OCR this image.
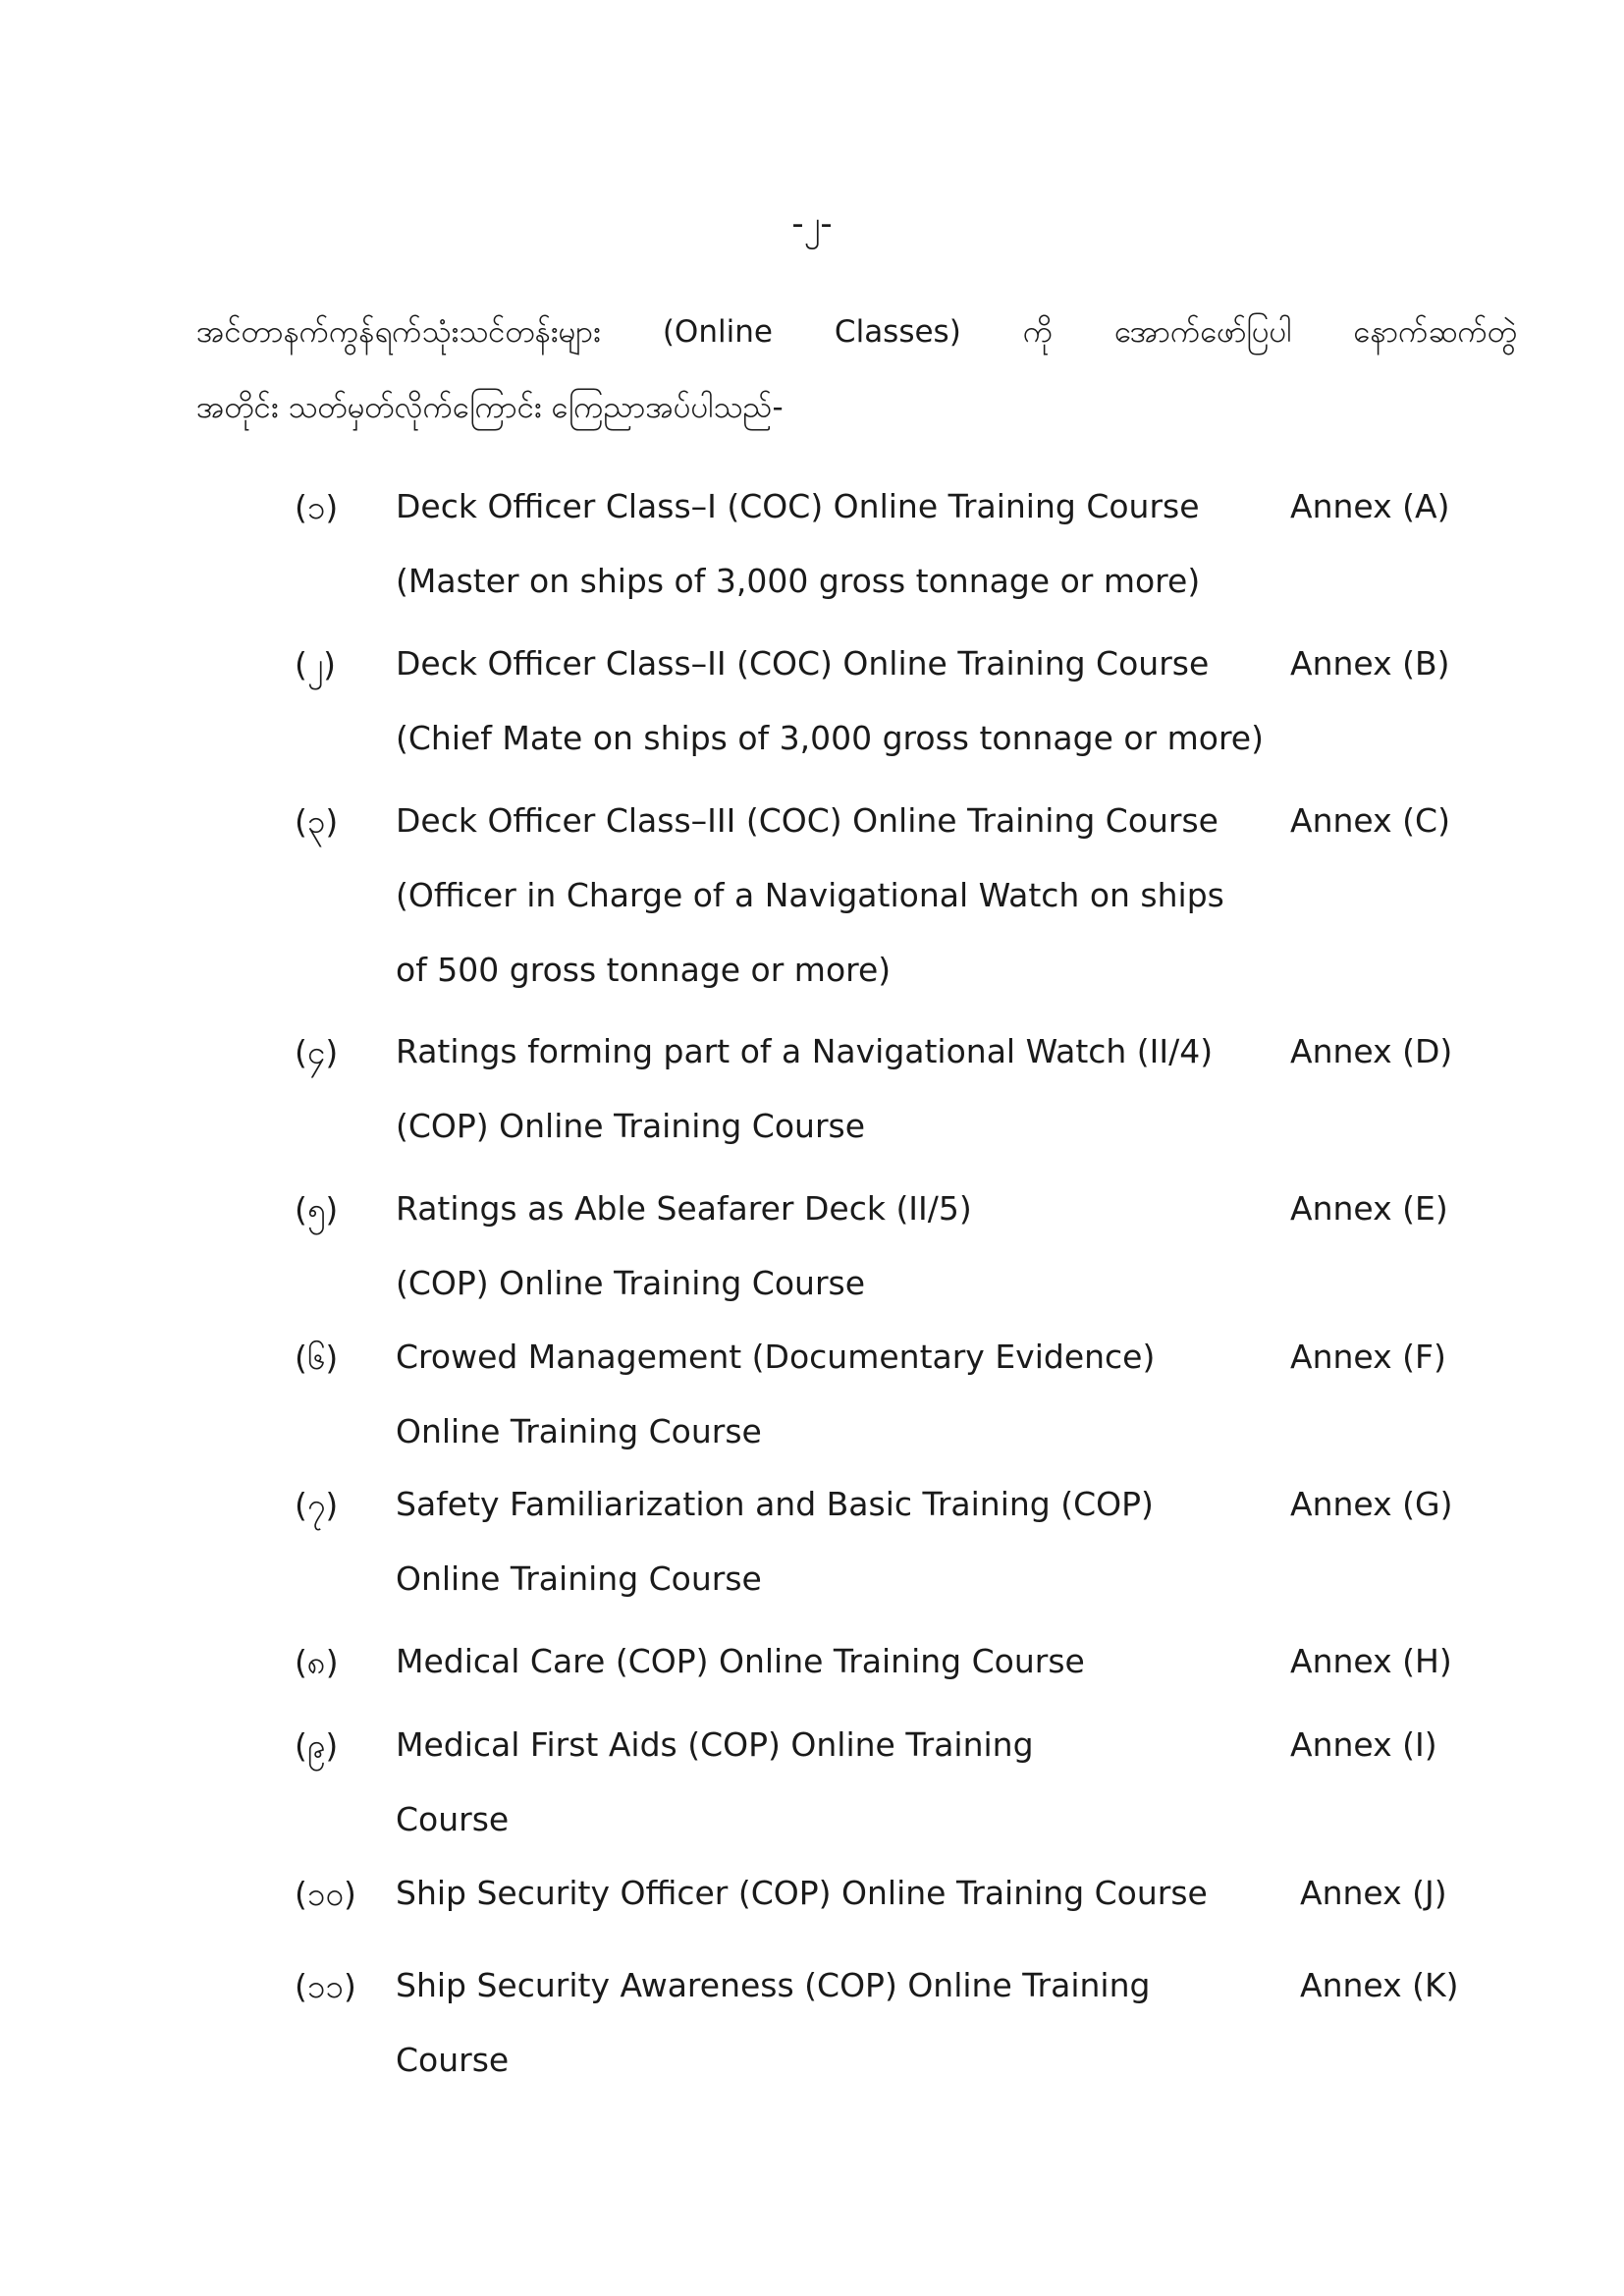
-၂-
အင်တာနက်ကွန်ရက်သုံးသင်တန်းများ (Online Classes) ကို အောက်ဖော်ပြပါ နောက်ဆက်တွဲ
အတိုင်း သတ်မှတ်လိုက်ကြောင်း ကြေညာအပ်ပါသည်-
(၁) Deck Officer Class–I (COC) Online Training Course
(Master on ships of 3,000 gross tonnage or more)
Annex (A)
(၂) Deck Officer Class–II (COC) Online Training Course
(Chief Mate on ships of 3,000 gross tonnage or more)
Annex (B)
(၃) Deck Officer Class–III (COC) Online Training Course
(Officer in Charge of a Navigational Watch on ships
of 500 gross tonnage or more)
Annex (C)
(၄) Ratings forming part of a Navigational Watch (II/4)
(COP) Online Training Course
Annex (D)
(၅) Ratings as Able Seafarer Deck (II/5)
(COP) Online Training Course
Annex (E)
(၆) Crowed Management (Documentary Evidence)
Online Training Course
Annex (F)
(၇) Safety Familiarization and Basic Training (COP)
Online Training Course
Annex (G)
(၈) Medical Care (COP) Online Training Course	Annex (H)
(၉) Medical First Aids (COP) Online Training
Course
Annex (I)
(၁၀) Ship Security Officer (COP) Online Training Course	Annex (J)
(၁၁) Ship Security Awareness (COP) Online Training
Course
Annex (K)
